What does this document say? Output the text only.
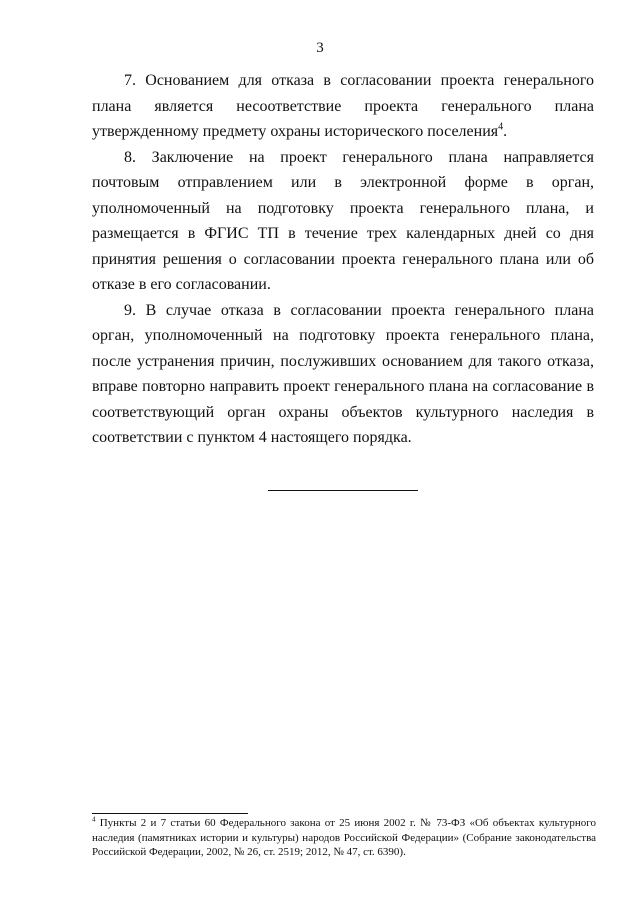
3

7. Основанием для отказа в согласовании проекта генерального плана является несоответствие проекта генерального плана утвержденному предмету охраны исторического поселения$^4$.

8. Заключение на проект генерального плана направляется почтовым отправлением или в электронной форме в орган, уполномоченный на подготовку проекта генерального плана, и размещается в ФГИС ТП в течение трех календарных дней со дня принятия решения о согласовании проекта генерального плана или об отказе в его согласовании.

9. В случае отказа в согласовании проекта генерального плана орган, уполномоченный на подготовку проекта генерального плана, после устранения причин, послуживших основанием для такого отказа, вправе повторно направить проект генерального плана на согласование в соответствующий орган охраны объектов культурного наследия в соответствии с пунктом 4 настоящего порядка.

$^4$ Пункты 2 и 7 статьи 60 Федерального закона от 25 июня 2002 г. № 73-ФЗ «Об объектах культурного наследия (памятниках истории и культуры) народов Российской Федерации» (Собрание законодательства Российской Федерации, 2002, № 26, ст. 2519; 2012, № 47, ст. 6390).
